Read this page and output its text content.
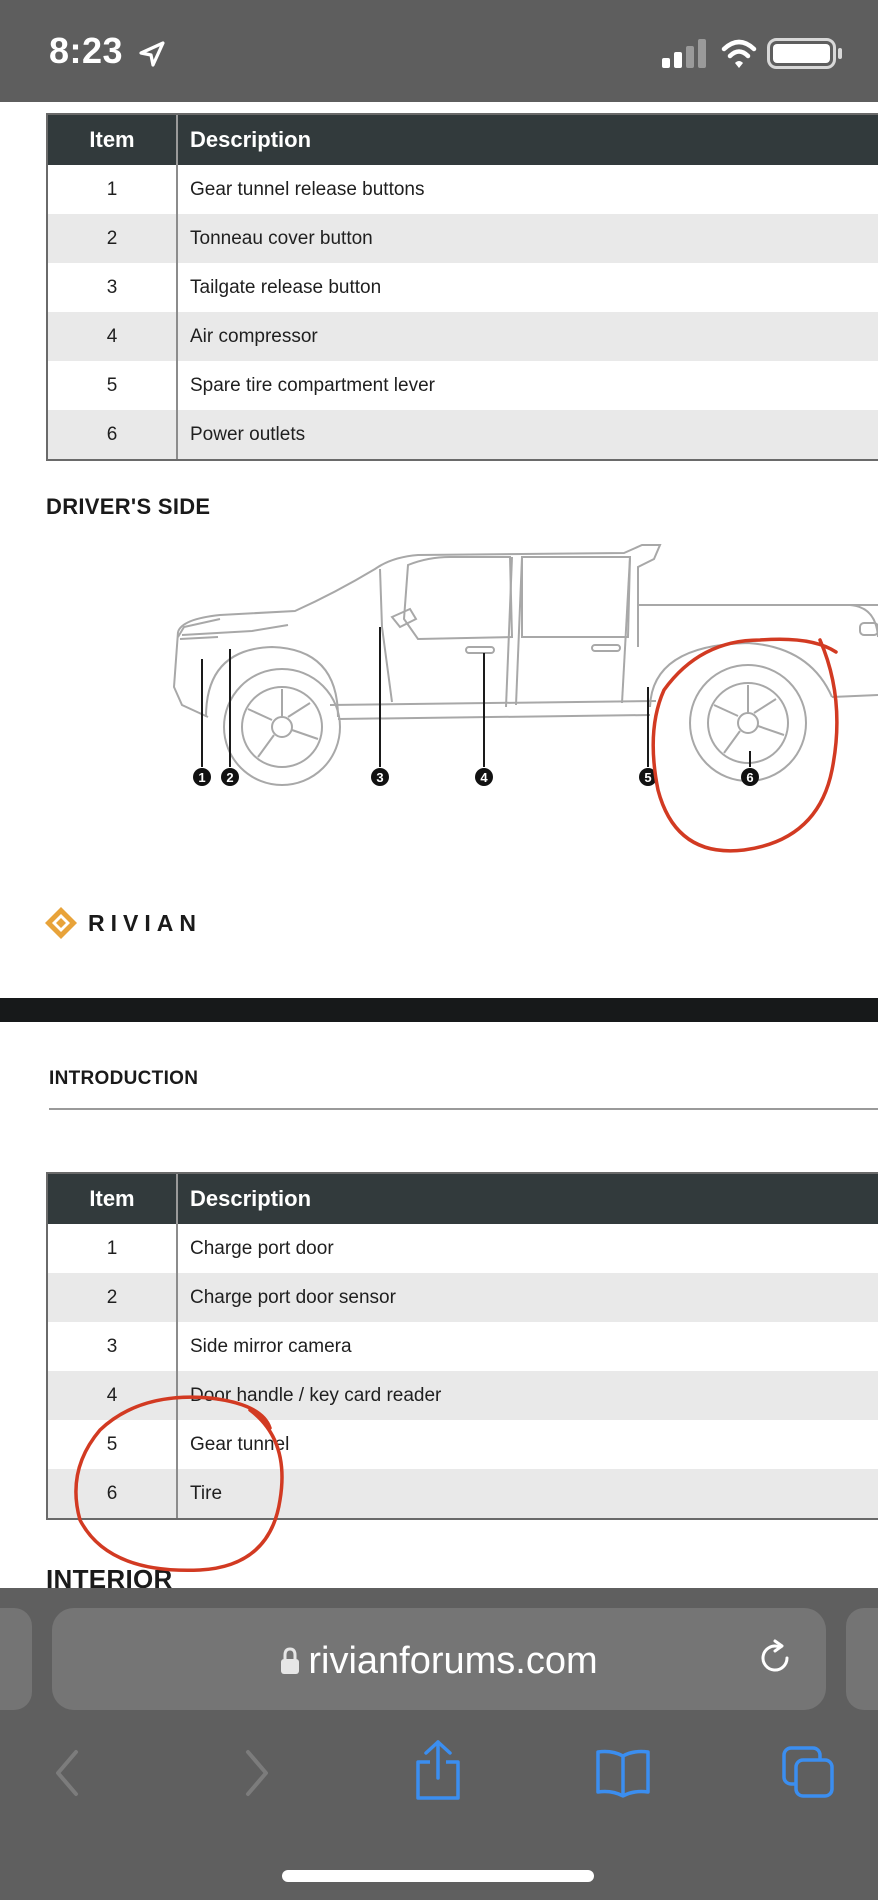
8:23
Item	Description
1	Gear tunnel release buttons
2	Tonneau cover button
3	Tailgate release button
4	Air compressor
5	Spare tire compartment lever
6	Power outlets
DRIVER'S SIDE
1 2	3	4	5	6
RIVIAN
INTRODUCTION
Item	Description
1	Charge port door
2	Charge port door sensor
3	Side mirror camera
4	Door handle / key card reader
5	Gear tunnel
6	Tire
INTERIOR
rivianforums.com
